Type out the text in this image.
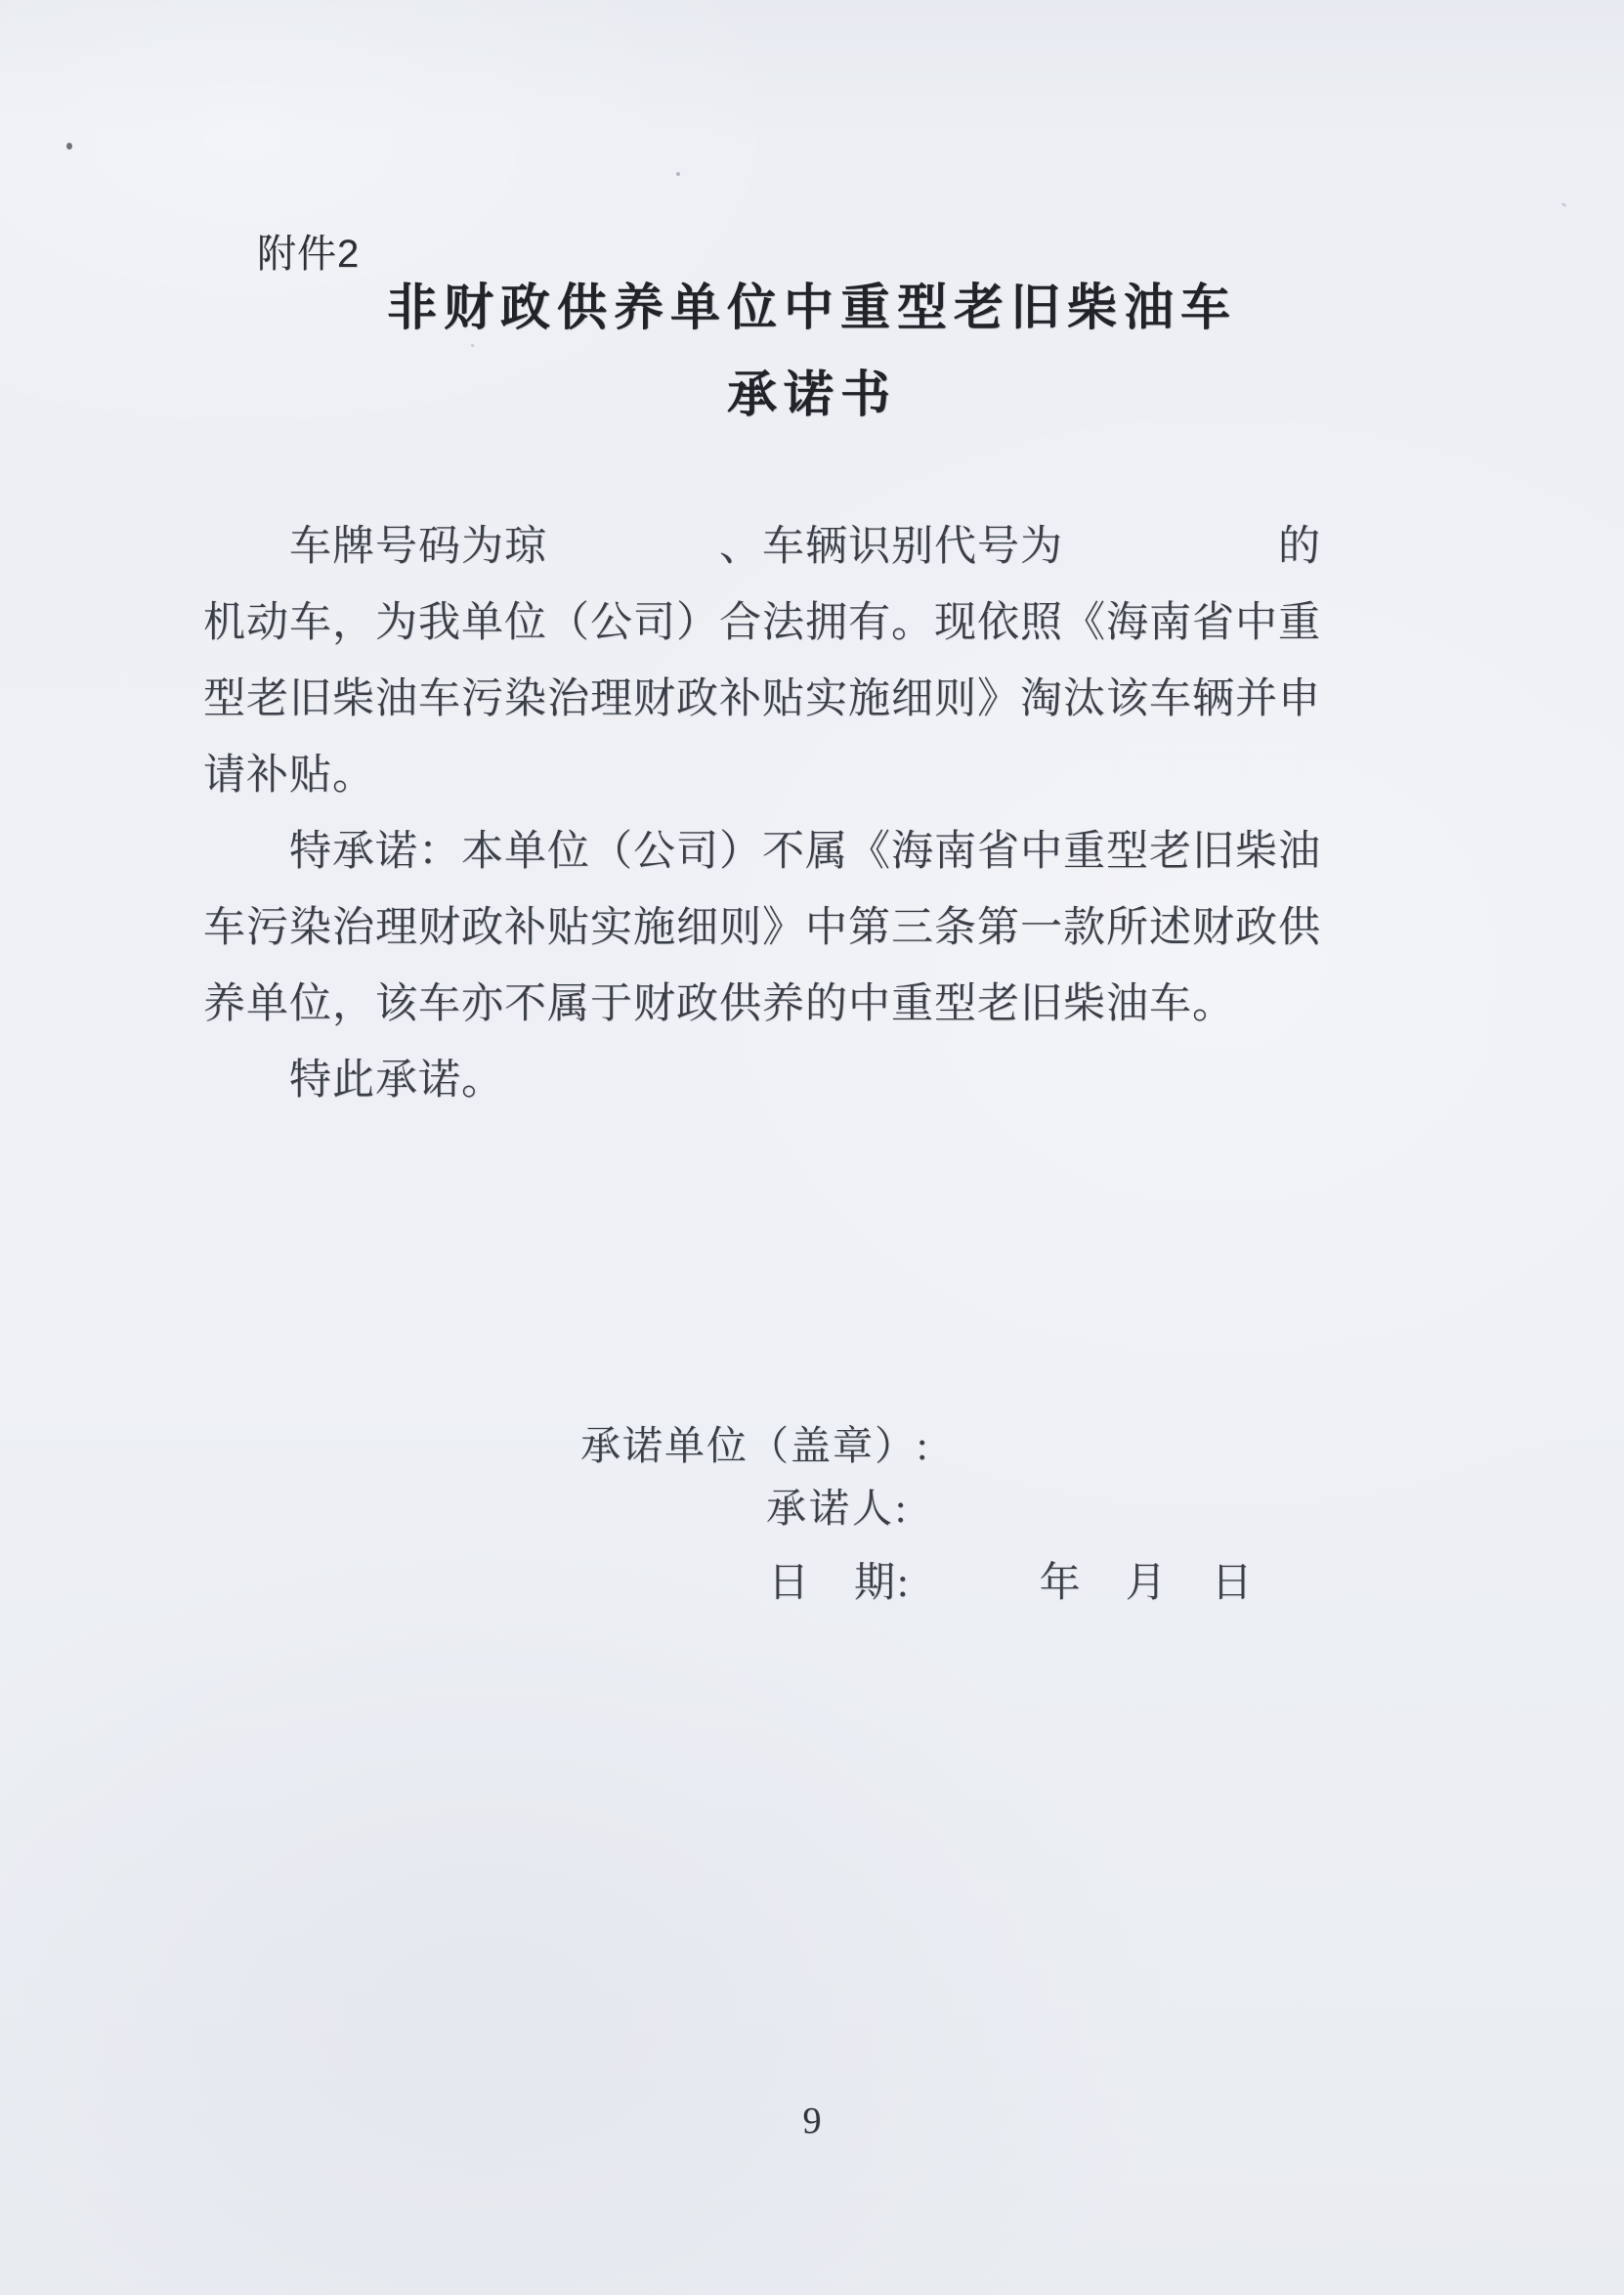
附件2
非财政供养单位中重型老旧柴油车
承诺书
车牌号码为琼　　　　、车辆识别代号为　　　　　的
机动车，为我单位（公司）合法拥有。现依照《海南省中重
型老旧柴油车污染治理财政补贴实施细则》淘汰该车辆并申
请补贴。
特承诺：本单位（公司）不属《海南省中重型老旧柴油
车污染治理财政补贴实施细则》中第三条第一款所述财政供
养单位，该车亦不属于财政供养的中重型老旧柴油车。
特此承诺。
承诺单位（盖章）:
承诺人:
日　期:　　　年　月　日
9
